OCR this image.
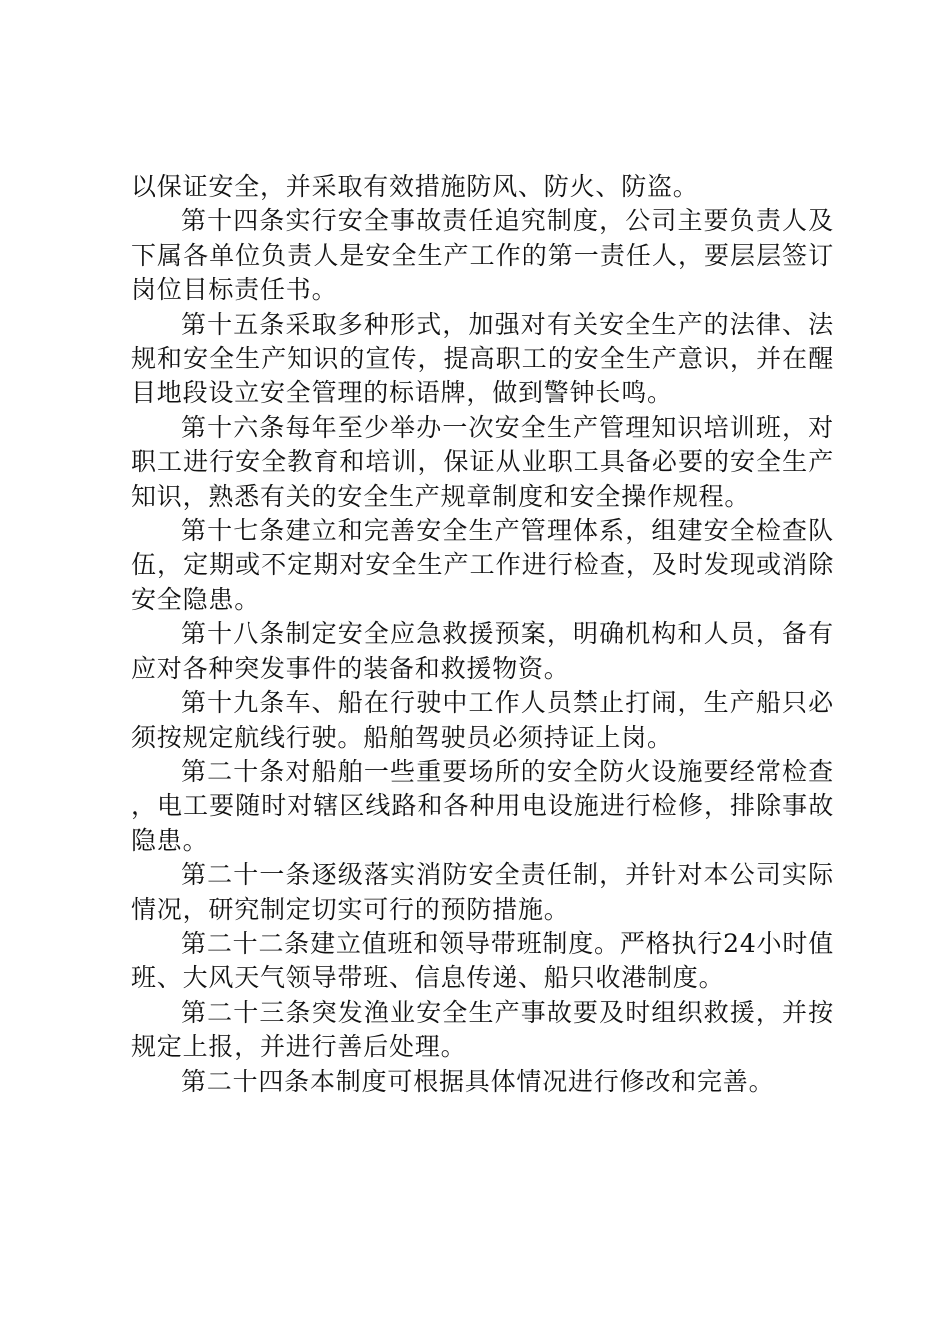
以保证安全，并采取有效措施防风、防火、防盗。

第十四条实行安全事故责任追究制度，公司主要负责人及下属各单位负责人是安全生产工作的第一责任人，要层层签订岗位目标责任书。

第十五条采取多种形式，加强对有关安全生产的法律、法规和安全生产知识的宣传，提高职工的安全生产意识，并在醒目地段设立安全管理的标语牌，做到警钟长鸣。

第十六条每年至少举办一次安全生产管理知识培训班，对职工进行安全教育和培训，保证从业职工具备必要的安全生产知识，熟悉有关的安全生产规章制度和安全操作规程。

第十七条建立和完善安全生产管理体系，组建安全检查队伍，定期或不定期对安全生产工作进行检查，及时发现或消除安全隐患。

第十八条制定安全应急救援预案，明确机构和人员，备有应对各种突发事件的装备和救援物资。

第十九条车、船在行驶中工作人员禁止打闹，生产船只必须按规定航线行驶。船舶驾驶员必须持证上岗。

第二十条对船舶一些重要场所的安全防火设施要经常检查，电工要随时对辖区线路和各种用电设施进行检修，排除事故隐患。

第二十一条逐级落实消防安全责任制，并针对本公司实际情况，研究制定切实可行的预防措施。

第二十二条建立值班和领导带班制度。严格执行24小时值班、大风天气领导带班、信息传递、船只收港制度。

第二十三条突发渔业安全生产事故要及时组织救援，并按规定上报，并进行善后处理。

第二十四条本制度可根据具体情况进行修改和完善。
